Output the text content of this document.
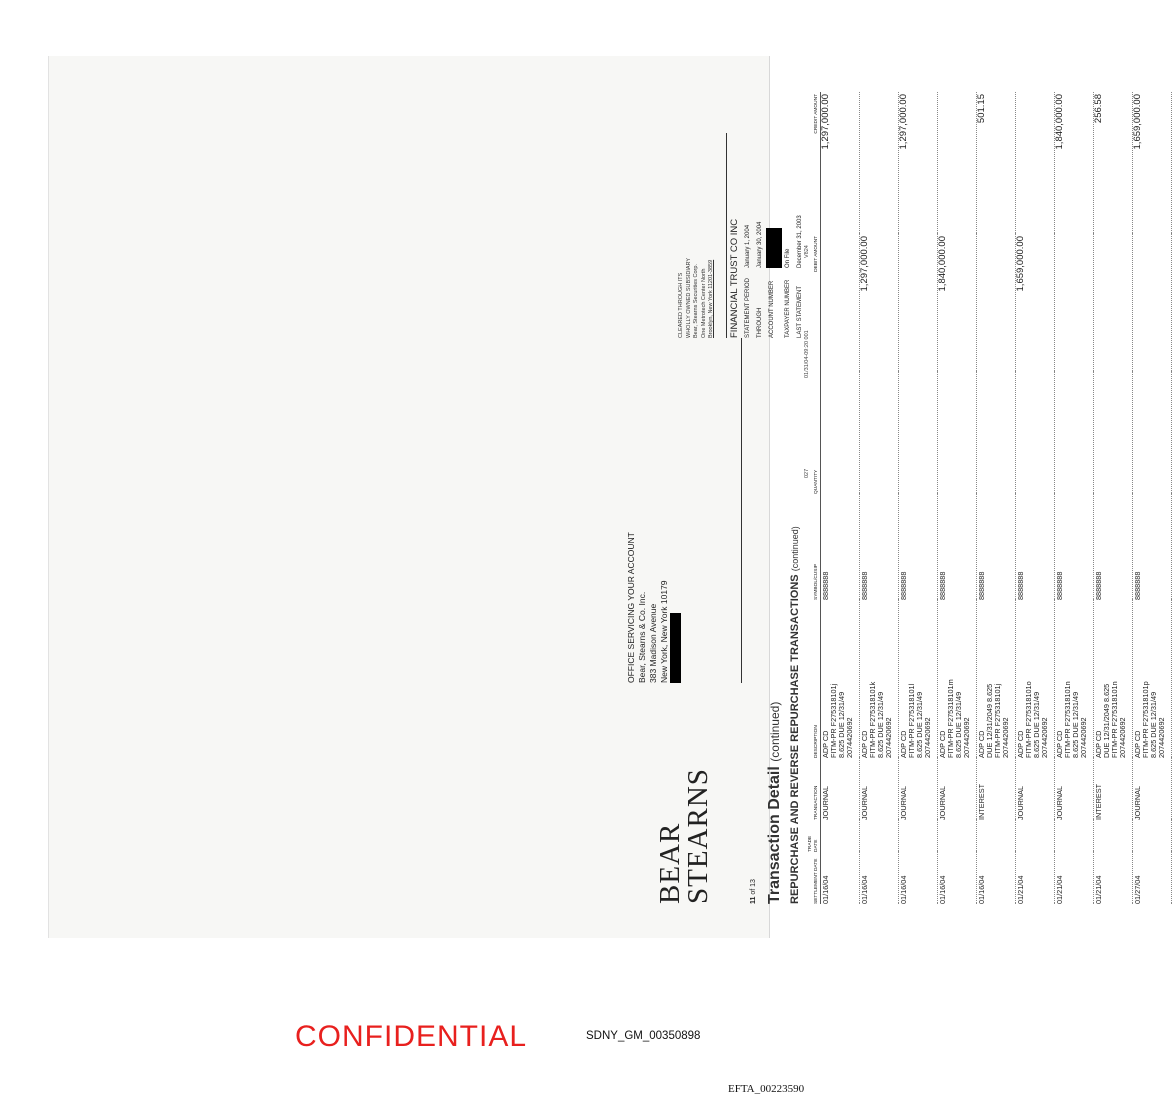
BEAR
STEARNS
OFFICE SERVICING YOUR ACCOUNT Bear, Stearns & Co. Inc. 383 Madison Avenue New York, New York 10179
CLEARED THROUGH ITS WHOLLY OWNED SUBSIDIARY Bear, Stearns Securities Corp. One Metrotech Center North Brooklyn, New York 11201-3859	FINANCIAL TRUST CO INC STATEMENT PERIOD
January 1, 2004
THROUGH
January 30, 2004
ACCOUNT NUMBER	TAXPAYER NUMBER
On File
LAST STATEMENT
December 31, 2003
11 of 13 Transaction Detail (continued) REPURCHASE AND REVERSE REPURCHASE TRANSACTIONS (continued)
SETTLEMENT DATE	TRADE DATE	TRANSACTION	DESCRIPTION	SYMBOL/CUSIP	QUANTITY	DEBIT AMOUNT	CREDIT AMOUNT
01/16/04		JOURNAL	ADP CD FITM-PR F275318101j 8.625 DUE 12/31/49 2074420692	8888888			1,297,000.00
01/16/04		JOURNAL	ADP CD FITM-PR F275318101k 8.625 DUE 12/31/49 2074420692	8888888		1,297,000.00	
01/16/04		JOURNAL	ADP CD FITM-PR F275318101l 8.625 DUE 12/31/49 2074420692	8888888			1,297,000.00
01/16/04		JOURNAL	ADP CD FITM-PR F275318101m 8.625 DUE 12/31/49 2074420692	8888888		1,840,000.00	
01/16/04		INTEREST	ADP CD DUE 12/31/2049 8.625 FITM-PR F275318101j 2074420692	8888888			501.15
01/21/04		JOURNAL	ADP CD FITM-PR F275318101o 8.625 DUE 12/31/49 2074420692	8888888		1,659,000.00	
01/21/04		JOURNAL	ADP CD FITM-PR F275318101n 8.625 DUE 12/31/49 2074420692	8888888			1,840,000.00
01/21/04		INTEREST	ADP CD DUE 12/31/2049 8.625 FITM-PR F275318101n 2074420692	8888888			256.58
01/27/04		JOURNAL	ADP CD FITM-PR F275318101p 8.625 DUE 12/31/49 2074420692	8888888			1,659,000.00
027
01/31/04-09:20 001
V824
CONFIDENTIAL	SDNY_GM_00350898
EFTA_00223590
